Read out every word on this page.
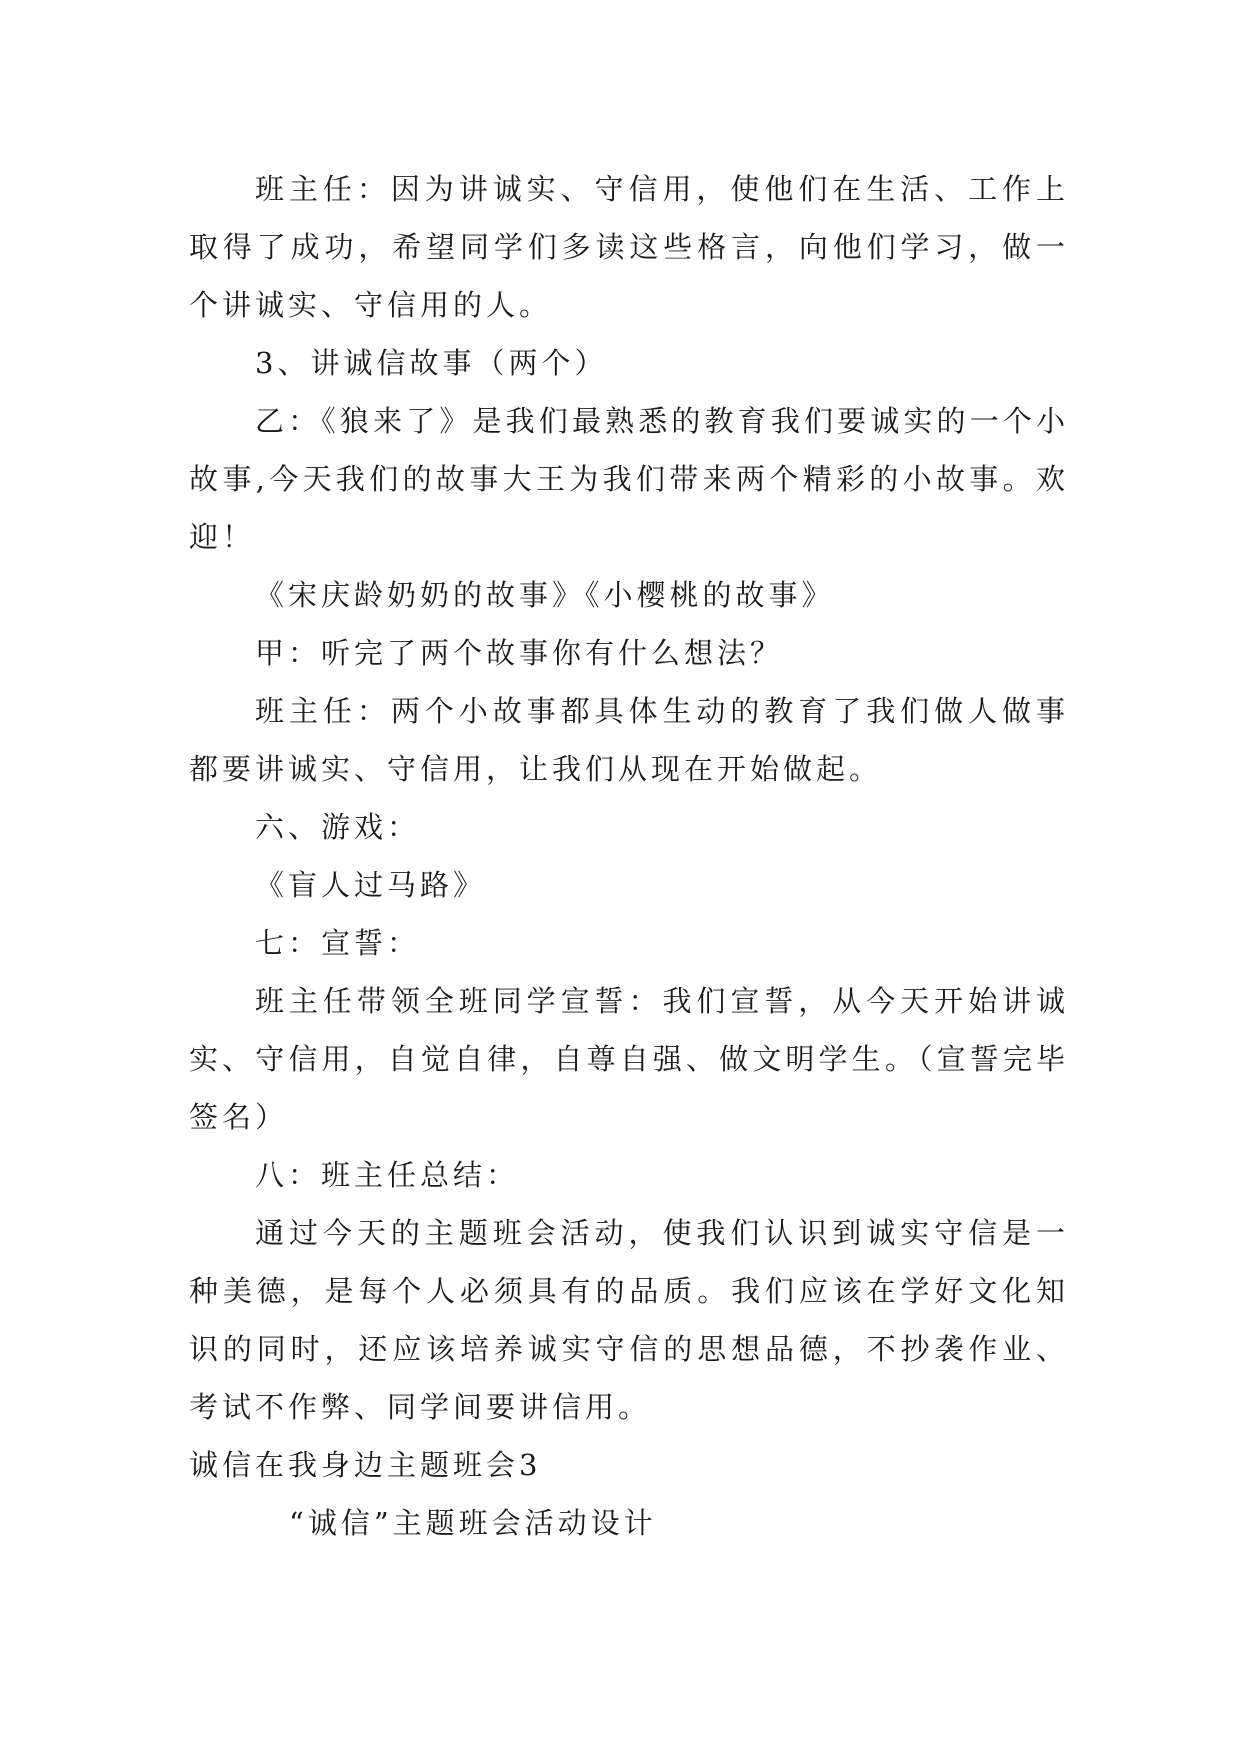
班主任：因为讲诚实、守信用，使他们在生活、工作上取得了成功，希望同学们多读这些格言，向他们学习，做一个讲诚实、守信用的人。

3、讲诚信故事（两个）

乙：《狼来了》是我们最熟悉的教育我们要诚实的一个小故事,今天我们的故事大王为我们带来两个精彩的小故事。欢迎！

《宋庆龄奶奶的故事》《小樱桃的故事》

甲：听完了两个故事你有什么想法？

班主任：两个小故事都具体生动的教育了我们做人做事都要讲诚实、守信用，让我们从现在开始做起。

六、游戏：

《盲人过马路》

七：宣誓：

班主任带领全班同学宣誓：我们宣誓，从今天开始讲诚实、守信用，自觉自律，自尊自强、做文明学生。（宣誓完毕签名）

八：班主任总结：

通过今天的主题班会活动，使我们认识到诚实守信是一种美德，是每个人必须具有的品质。我们应该在学好文化知识的同时，还应该培养诚实守信的思想品德，不抄袭作业、考试不作弊、同学间要讲信用。

诚信在我身边主题班会3

“诚信”主题班会活动设计
